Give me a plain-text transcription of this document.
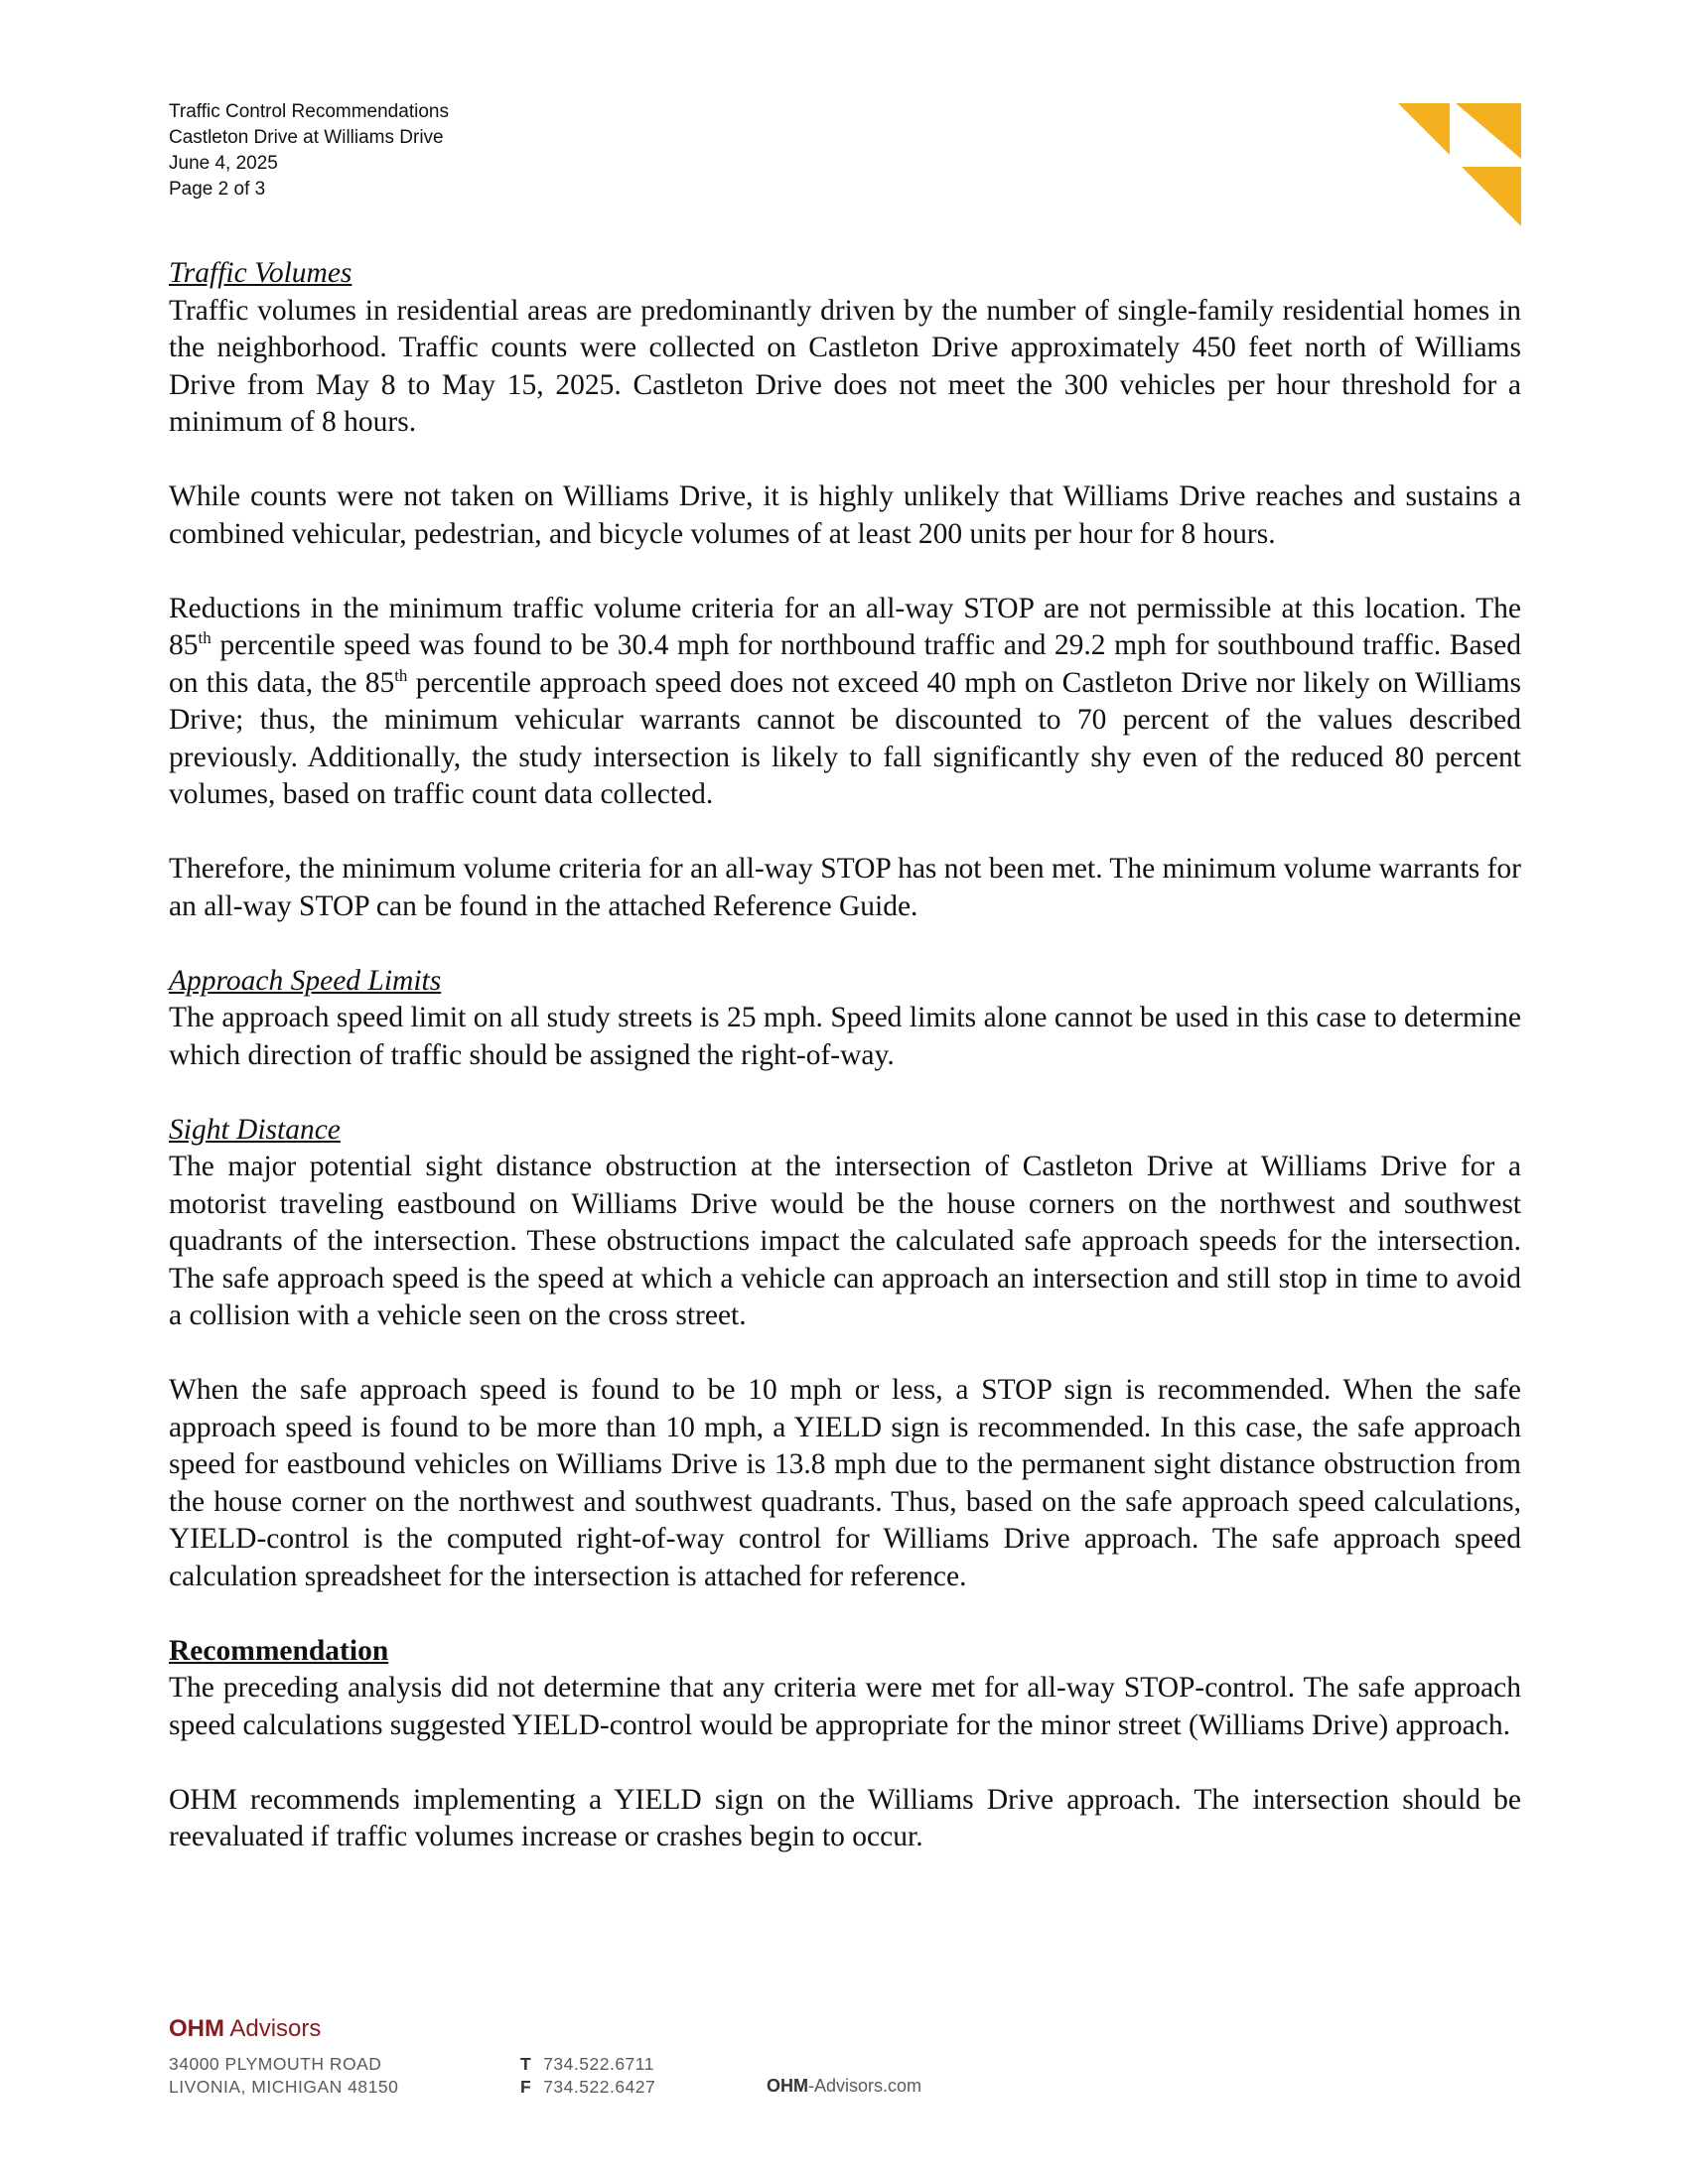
Traffic Control Recommendations
Castleton Drive at Williams Drive
June 4, 2025
Page 2 of 3

Traffic Volumes

Traffic volumes in residential areas are predominantly driven by the number of single-family residential homes in the neighborhood. Traffic counts were collected on Castleton Drive approximately 450 feet north of Williams Drive from May 8 to May 15, 2025. Castleton Drive does not meet the 300 vehicles per hour threshold for a minimum of 8 hours.

While counts were not taken on Williams Drive, it is highly unlikely that Williams Drive reaches and sustains a combined vehicular, pedestrian, and bicycle volumes of at least 200 units per hour for 8 hours.

Reductions in the minimum traffic volume criteria for an all-way STOP are not permissible at this location. The 85th percentile speed was found to be 30.4 mph for northbound traffic and 29.2 mph for southbound traffic. Based on this data, the 85th percentile approach speed does not exceed 40 mph on Castleton Drive nor likely on Williams Drive; thus, the minimum vehicular warrants cannot be discounted to 70 percent of the values described previously. Additionally, the study intersection is likely to fall significantly shy even of the reduced 80 percent volumes, based on traffic count data collected.

Therefore, the minimum volume criteria for an all-way STOP has not been met. The minimum volume warrants for an all-way STOP can be found in the attached Reference Guide.

Approach Speed Limits

The approach speed limit on all study streets is 25 mph. Speed limits alone cannot be used in this case to determine which direction of traffic should be assigned the right-of-way.

Sight Distance

The major potential sight distance obstruction at the intersection of Castleton Drive at Williams Drive for a motorist traveling eastbound on Williams Drive would be the house corners on the northwest and southwest quadrants of the intersection. These obstructions impact the calculated safe approach speeds for the intersection. The safe approach speed is the speed at which a vehicle can approach an intersection and still stop in time to avoid a collision with a vehicle seen on the cross street.

When the safe approach speed is found to be 10 mph or less, a STOP sign is recommended. When the safe approach speed is found to be more than 10 mph, a YIELD sign is recommended. In this case, the safe approach speed for eastbound vehicles on Williams Drive is 13.8 mph due to the permanent sight distance obstruction from the house corner on the northwest and southwest quadrants. Thus, based on the safe approach speed calculations, YIELD-control is the computed right-of-way control for Williams Drive approach. The safe approach speed calculation spreadsheet for the intersection is attached for reference.

Recommendation

The preceding analysis did not determine that any criteria were met for all-way STOP-control. The safe approach speed calculations suggested YIELD-control would be appropriate for the minor street (Williams Drive) approach.

OHM recommends implementing a YIELD sign on the Williams Drive approach. The intersection should be reevaluated if traffic volumes increase or crashes begin to occur.

OHM Advisors
34000 PLYMOUTH ROAD
LIVONIA, MICHIGAN 48150
T 734.522.6711
F 734.522.6427	OHM-Advisors.com
